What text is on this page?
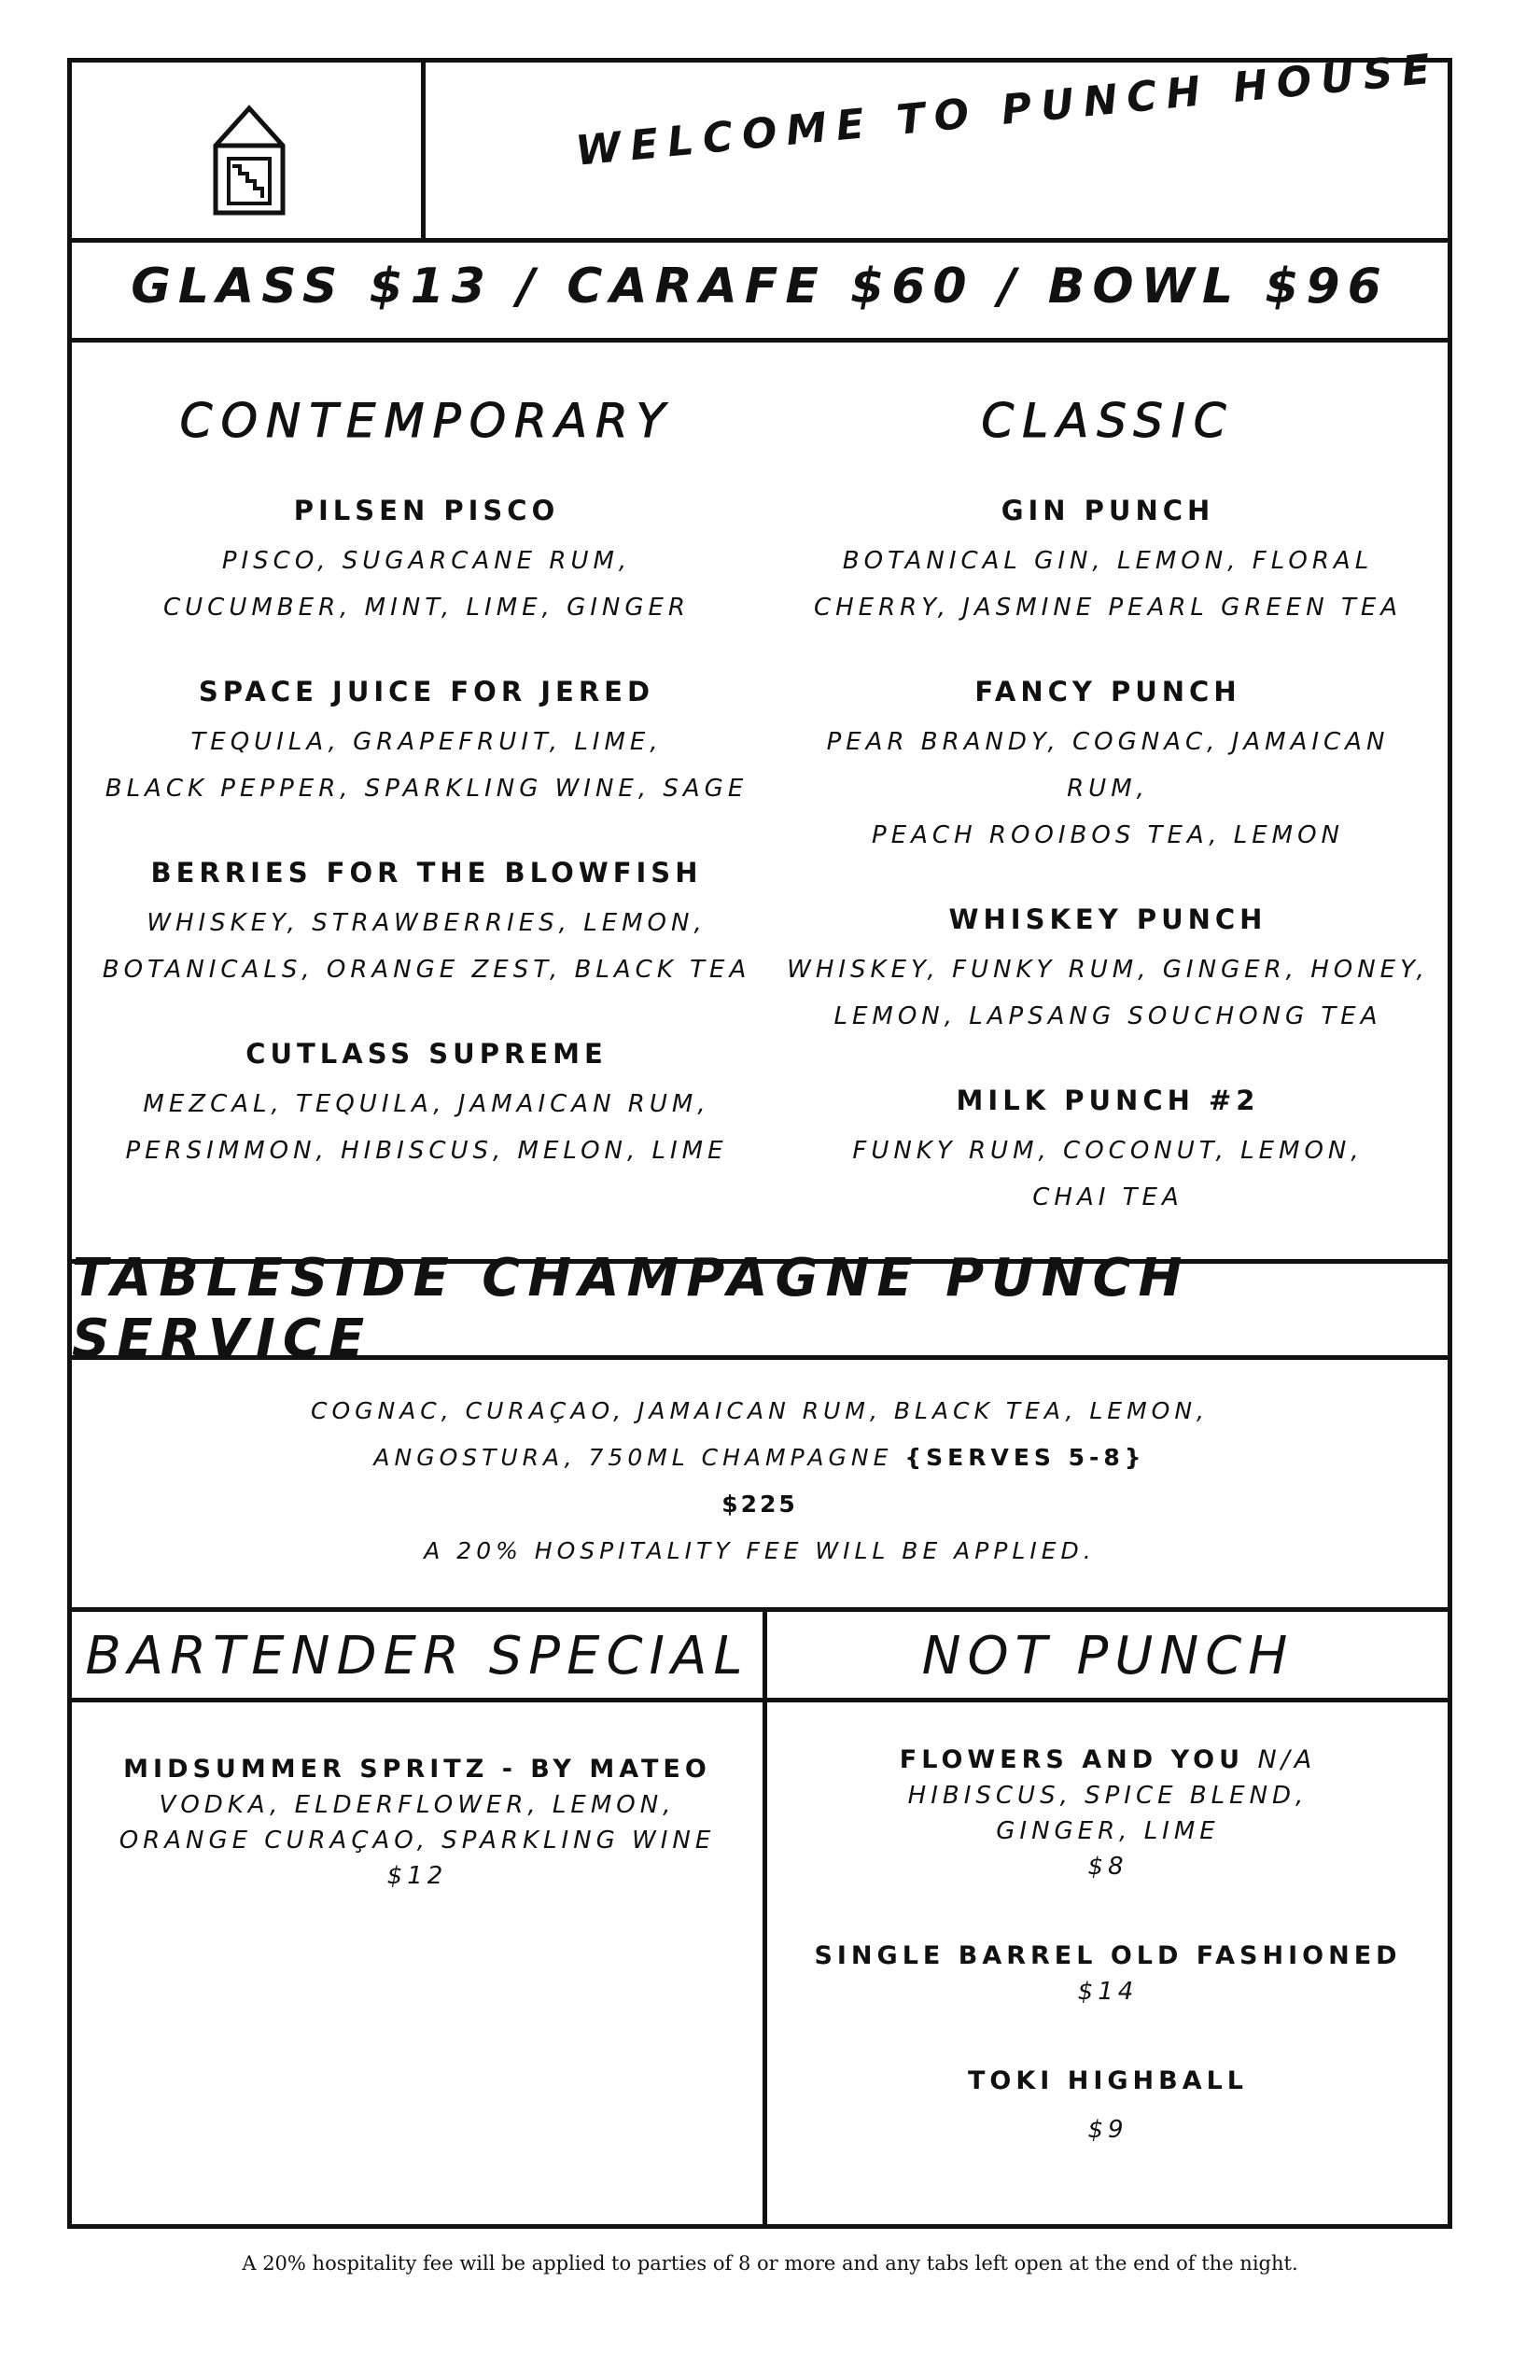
WELCOME TO PUNCH HOUSE
GLASS $13 / CARAFE $60 / BOWL $96
CONTEMPORARY
PILSEN PISCO
PISCO, SUGARCANE RUM,
CUCUMBER, MINT, LIME, GINGER
SPACE JUICE FOR JERED
TEQUILA, GRAPEFRUIT, LIME,
BLACK PEPPER, SPARKLING WINE, SAGE
BERRIES FOR THE BLOWFISH
WHISKEY, STRAWBERRIES, LEMON,
BOTANICALS, ORANGE ZEST, BLACK TEA
CUTLASS SUPREME
MEZCAL, TEQUILA, JAMAICAN RUM,
PERSIMMON, HIBISCUS, MELON, LIME
CLASSIC
GIN PUNCH
BOTANICAL GIN, LEMON, FLORAL
CHERRY, JASMINE PEARL GREEN TEA
FANCY PUNCH
PEAR BRANDY, COGNAC, JAMAICAN RUM,
PEACH ROOIBOS TEA, LEMON
WHISKEY PUNCH
WHISKEY, FUNKY RUM, GINGER, HONEY,
LEMON, LAPSANG SOUCHONG TEA
MILK PUNCH #2
FUNKY RUM, COCONUT, LEMON,
CHAI TEA
TABLESIDE CHAMPAGNE PUNCH SERVICE
COGNAC, CURAÇAO, JAMAICAN RUM, BLACK TEA, LEMON,
ANGOSTURA, 750ML CHAMPAGNE {SERVES 5-8}
$225
A 20% HOSPITALITY FEE WILL BE APPLIED.
BARTENDER SPECIAL	NOT PUNCH
MIDSUMMER SPRITZ - BY MATEO
VODKA, ELDERFLOWER, LEMON,
ORANGE CURAÇAO, SPARKLING WINE
$12
FLOWERS AND YOU N/A
HIBISCUS, SPICE BLEND,
GINGER, LIME
$8
SINGLE BARREL OLD FASHIONED
$14
TOKI HIGHBALL
$9
A 20% hospitality fee will be applied to parties of 8 or more and any tabs left open at the end of the night.
